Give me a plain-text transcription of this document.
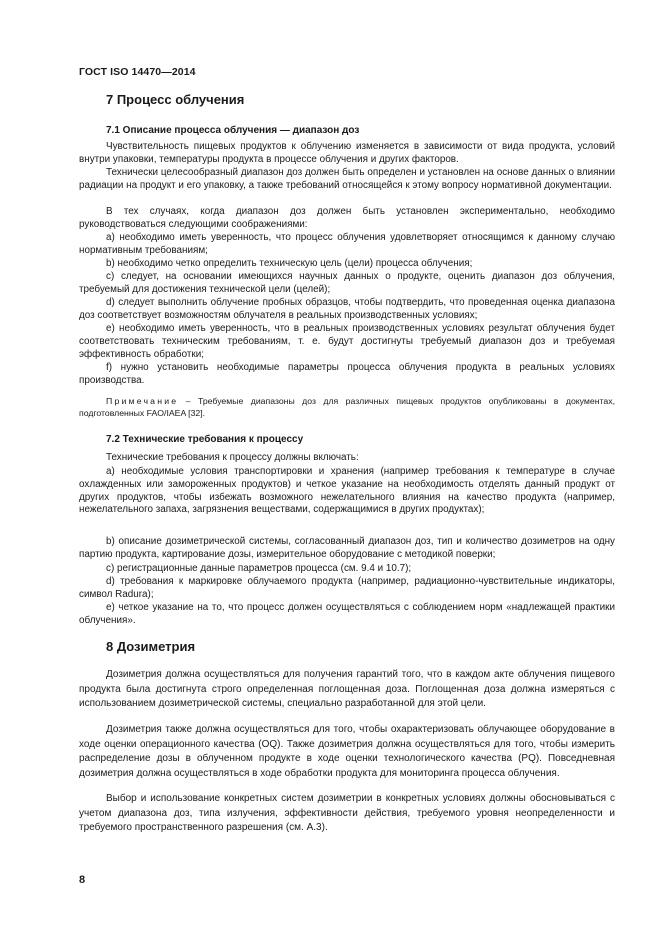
ГОСТ ISO 14470—2014
7 Процесс облучения
7.1 Описание процесса облучения — диапазон доз

Чувствительность пищевых продуктов к облучению изменяется в зависимости от вида продукта, условий внутри упаковки, температуры продукта в процессе облучения и других факторов.

Технически целесообразный диапазон доз должен быть определен и установлен на основе данных о влиянии радиации на продукт и его упаковку, а также требований относящейся к этому вопросу нормативной документации.

В тех случаях, когда диапазон доз должен быть установлен экспериментально, необходимо руководствоваться следующими соображениями:

а) необходимо иметь уверенность, что процесс облучения удовлетворяет относящимся к данному случаю нормативным требованиям;

b) необходимо четко определить техническую цель (цели) процесса облучения;

с) следует, на основании имеющихся научных данных о продукте, оценить диапазон доз облучения, требуемый для достижения технической цели (целей);

d) следует выполнить облучение пробных образцов, чтобы подтвердить, что проведенная оценка диапазона доз соответствует возможностям облучателя в реальных производственных условиях;

е) необходимо иметь уверенность, что в реальных производственных условиях результат облучения будет соответствовать техническим требованиям, т. е. будут достигнуты требуемый диапазон доз и требуемая эффективность обработки;

f) нужно установить необходимые параметры процесса облучения продукта в реальных условиях производства.

Примечание – Требуемые диапазоны доз для различных пищевых продуктов опубликованы в документах, подготовленных FAO/IAEA [32].

7.2 Технические требования к процессу

Технические требования к процессу должны включать:

а) необходимые условия транспортировки и хранения (например требования к температуре в случае охлажденных или замороженных продуктов) и четкое указание на необходимость отделять данный продукт от других продуктов, чтобы избежать возможного нежелательного влияния на качество продукта (например, нежелательного запаха, загрязнения веществами, содержащимися в других продуктах);

b) описание дозиметрической системы, согласованный диапазон доз, тип и количество дозиметров на одну партию продукта, картирование дозы, измерительное оборудование с методикой поверки;

с) регистрационные данные параметров процесса (см. 9.4 и 10.7);

d) требования к маркировке облучаемого продукта (например, радиационно-чувствительные индикаторы, символ Radura);

е) четкое указание на то, что процесс должен осуществляться с соблюдением норм «надлежащей практики облучения».

8 Дозиметрия

Дозиметрия должна осуществляться для получения гарантий того, что в каждом акте облучения пищевого продукта была достигнута строго определенная поглощенная доза. Поглощенная доза должна измеряться с использованием дозиметрической системы, специально разработанной для этой цели.

Дозиметрия также должна осуществляться для того, чтобы охарактеризовать облучающее оборудование в ходе оценки операционного качества (OQ). Также дозиметрия должна осуществляться для того, чтобы измерить распределение дозы в облученном продукте в ходе оценки технологического качества (PQ). Повседневная дозиметрия должна осуществляться в ходе обработки продукта для мониторинга процесса облучения.

Выбор и использование конкретных систем дозиметрии в конкретных условиях должны обосновываться с учетом диапазона доз, типа излучения, эффективности действия, требуемого уровня неопределенности и требуемого пространственного разрешения (см. А.3).

8
